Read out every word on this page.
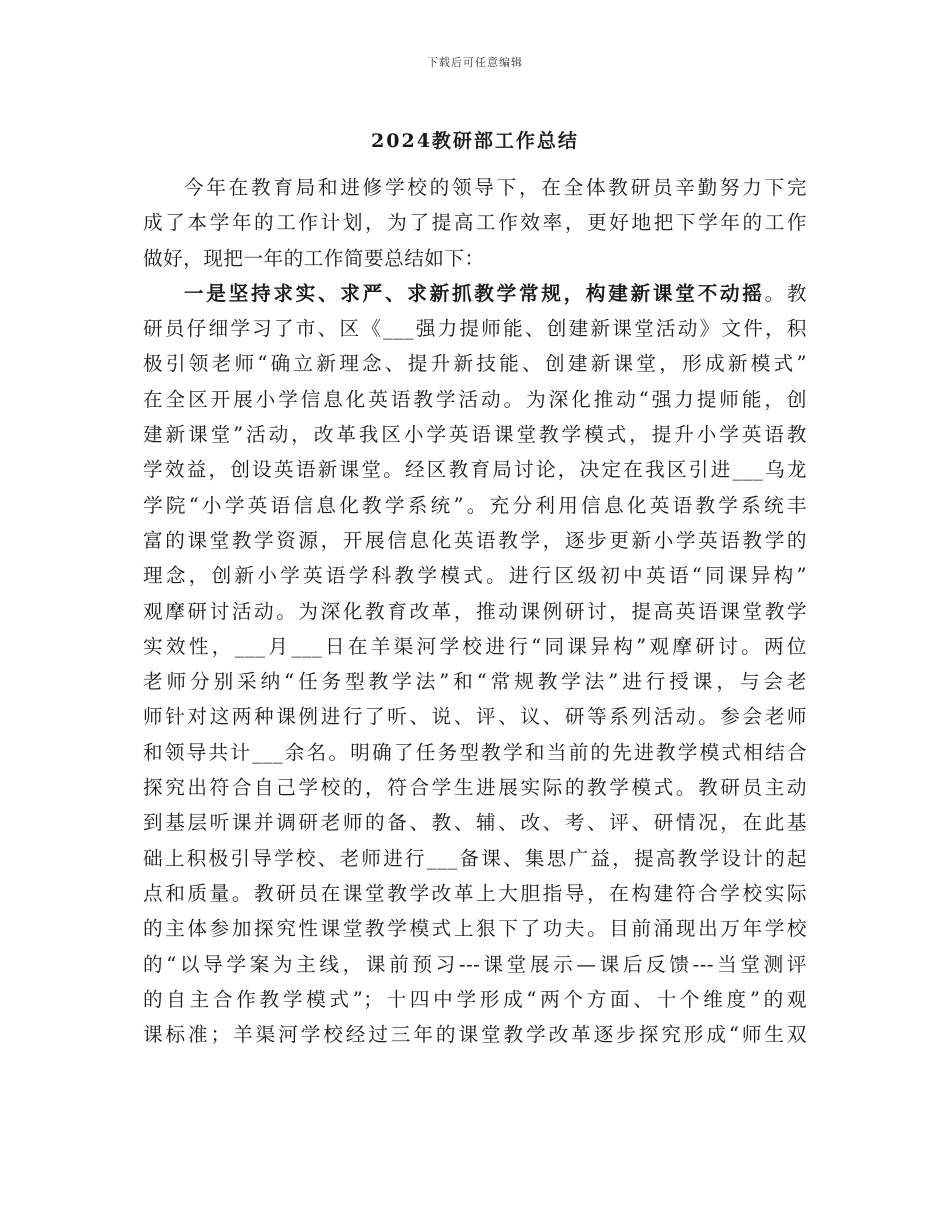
下载后可任意编辑
2024教研部工作总结
今年在教育局和进修学校的领导下，在全体教研员辛勤努力下完
成了本学年的工作计划，为了提高工作效率，更好地把下学年的工作
做好，现把一年的工作简要总结如下：
一是坚持求实、求严、求新抓教学常规，构建新课堂不动摇。教
研员仔细学习了市、区《___强力提师能、创建新课堂活动》文件，积
极引领老师“确立新理念、提升新技能、创建新课堂，形成新模式”
在全区开展小学信息化英语教学活动。为深化推动“强力提师能，创
建新课堂”活动，改革我区小学英语课堂教学模式，提升小学英语教
学效益，创设英语新课堂。经区教育局讨论，决定在我区引进___乌龙
学院“小学英语信息化教学系统”。充分利用信息化英语教学系统丰
富的课堂教学资源，开展信息化英语教学，逐步更新小学英语教学的
理念，创新小学英语学科教学模式。进行区级初中英语“同课异构”
观摩研讨活动。为深化教育改革，推动课例研讨，提高英语课堂教学
实效性，___月___日在羊渠河学校进行“同课异构”观摩研讨。两位
老师分别采纳“任务型教学法”和“常规教学法”进行授课，与会老
师针对这两种课例进行了听、说、评、议、研等系列活动。参会老师
和领导共计___余名。明确了任务型教学和当前的先进教学模式相结合
探究出符合自己学校的，符合学生进展实际的教学模式。教研员主动
到基层听课并调研老师的备、教、辅、改、考、评、研情况，在此基
础上积极引导学校、老师进行___备课、集思广益，提高教学设计的起
点和质量。教研员在课堂教学改革上大胆指导，在构建符合学校实际
的主体参加探究性课堂教学模式上狠下了功夫。目前涌现出万年学校
的“以导学案为主线，课前预习---课堂展示—课后反馈---当堂测评
的自主合作教学模式”；十四中学形成“两个方面、十个维度”的观
课标准；羊渠河学校经过三年的课堂教学改革逐步探究形成“师生双
